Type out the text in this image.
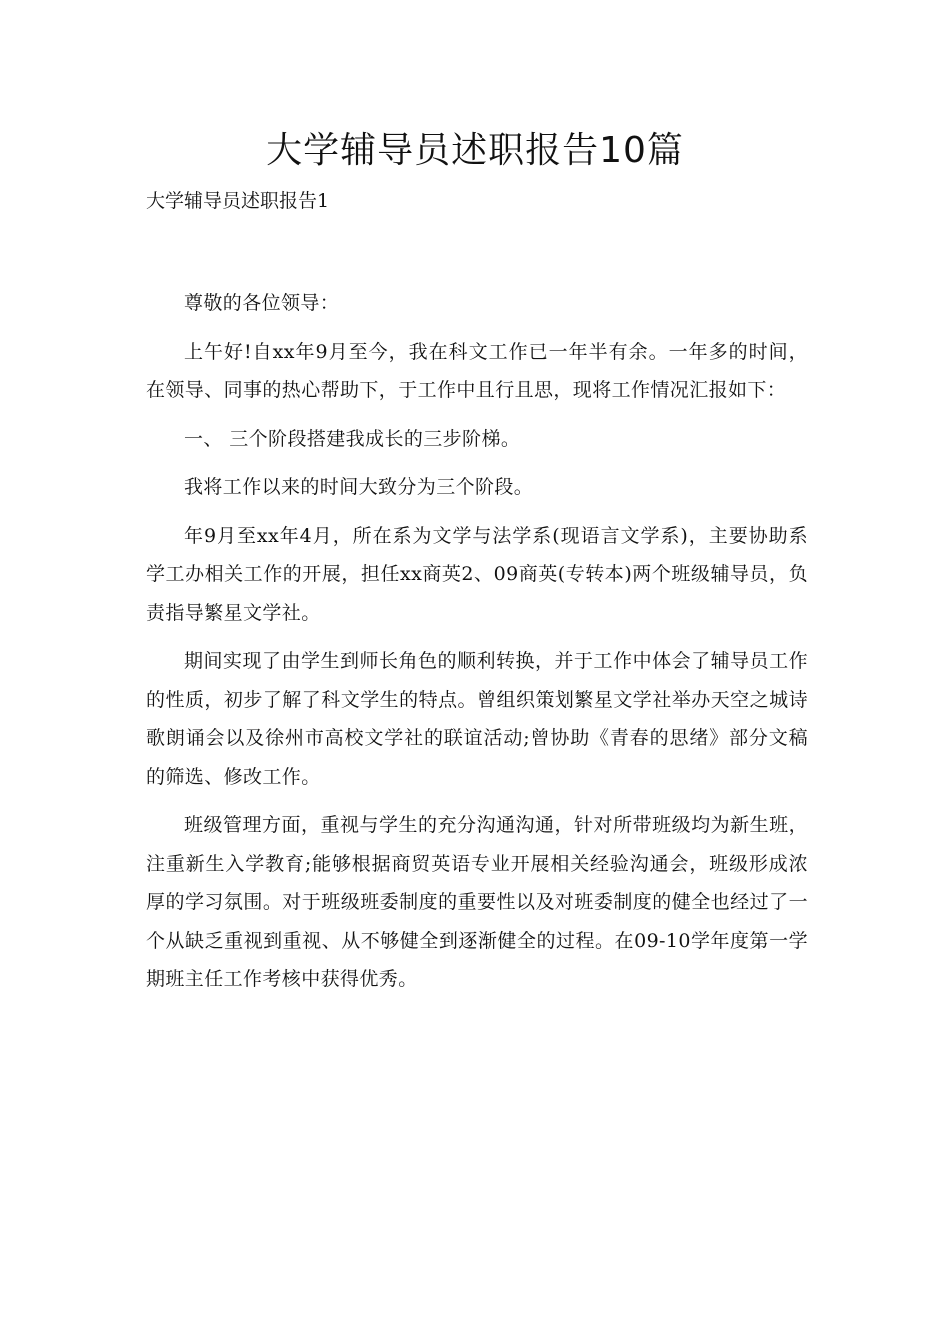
大学辅导员述职报告10篇

大学辅导员述职报告1

尊敬的各位领导：

上午好!自xx年9月至今，我在科文工作已一年半有余。一年多的时间，在领导、同事的热心帮助下，于工作中且行且思，现将工作情况汇报如下：

一、 三个阶段搭建我成长的三步阶梯。

我将工作以来的时间大致分为三个阶段。

年9月至xx年4月，所在系为文学与法学系(现语言文学系)，主要协助系学工办相关工作的开展，担任xx商英2、09商英(专转本)两个班级辅导员，负责指导繁星文学社。

期间实现了由学生到师长角色的顺利转换，并于工作中体会了辅导员工作的性质，初步了解了科文学生的特点。曾组织策划繁星文学社举办天空之城诗歌朗诵会以及徐州市高校文学社的联谊活动;曾协助《青春的思绪》部分文稿的筛选、修改工作。

班级管理方面，重视与学生的充分沟通沟通，针对所带班级均为新生班，注重新生入学教育;能够根据商贸英语专业开展相关经验沟通会，班级形成浓厚的学习氛围。对于班级班委制度的重要性以及对班委制度的健全也经过了一个从缺乏重视到重视、从不够健全到逐渐健全的过程。在09-10学年度第一学期班主任工作考核中获得优秀。
